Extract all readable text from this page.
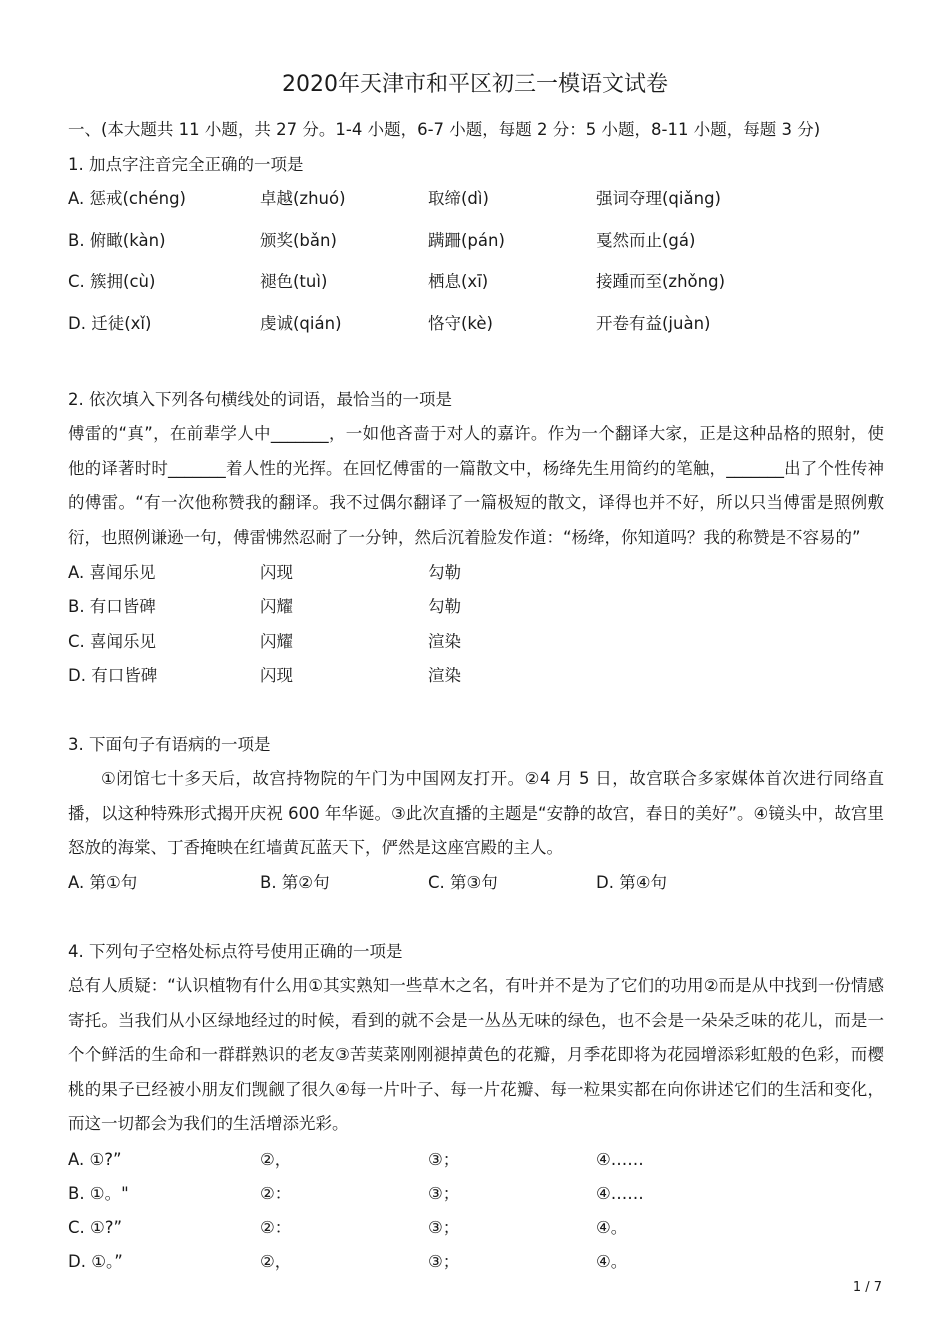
2020年天津市和平区初三一模语文试卷
一、(本大题共 11 小题，共 27 分。1-4 小题，6-7 小题，每题 2 分：5 小题，8-11 小题，每题 3 分)
1. 加点字注音完全正确的一项是
A. 惩戒(chéng)	卓越(zhuó)	取缔(dì)	强词夺理(qiǎng)
B. 俯瞰(kàn)	颁奖(bǎn)	蹒跚(pán)	戛然而止(gá)
C. 簇拥(cù)	褪色(tuì)	栖息(xī)	接踵而至(zhǒng)
D. 迁徒(xǐ)	虔诚(qián)	恪守(kè)	开卷有益(juàn)
2. 依次填入下列各句横线处的词语，最恰当的一项是
傅雷的“真”，在前辈学人中_______，一如他吝啬于对人的嘉许。作为一个翻译大家，正是这种品格的照射，使他的译著时时_______着人性的光挥。在回忆傅雷的一篇散文中，杨绛先生用简约的笔触，_______出了个性传神的傅雷。“有一次他称赞我的翻译。我不过偶尔翻译了一篇极短的散文，译得也并不好，所以只当傅雷是照例敷衍，也照例谦逊一句，傅雷怫然忍耐了一分钟，然后沉着脸发作道：“杨绛，你知道吗？我的称赞是不容易的”
A. 喜闻乐见	闪现	勾勒
B. 有口皆碑	闪耀	勾勒
C. 喜闻乐见	闪耀	渲染
D. 有口皆碑	闪现	渲染
3. 下面句子有语病的一项是
①闭馆七十多天后，故宫持物院的午门为中国网友打开。②4 月 5 日，故宫联合多家媒体首次进行同络直播，以这种特殊形式揭开庆祝 600 年华诞。③此次直播的主题是“安静的故宫，春日的美好”。④镜头中，故宫里怒放的海棠、丁香掩映在红墙黄瓦蓝天下，俨然是这座宫殿的主人。
A. 第①句	B. 第②句	C. 第③句	D. 第④句
4. 下列句子空格处标点符号使用正确的一项是
总有人质疑：“认识植物有什么用①其实熟知一些草木之名，有叶并不是为了它们的功用②而是从中找到一份情感寄托。当我们从小区绿地经过的时候，看到的就不会是一丛丛无味的绿色，也不会是一朵朵乏味的花儿，而是一个个鲜活的生命和一群群熟识的老友③苦荬菜刚刚褪掉黄色的花瓣，月季花即将为花园增添彩虹般的色彩，而樱桃的果子已经被小朋友们觊觎了很久④每一片叶子、每一片花瓣、每一粒果实都在向你讲述它们的生活和变化，而这一切都会为我们的生活增添光彩。
A. ①?”	②，	③；	④……
B. ①。"	②：	③；	④……
C. ①?”	②：	③；	④。
D. ①。”	②，	③；	④。
1 / 7
